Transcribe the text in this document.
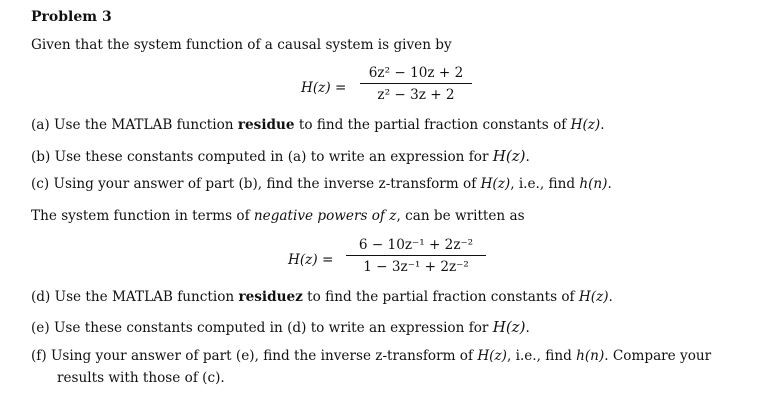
Problem 3
Given that the system function of a causal system is given by
H(z) =
6z² − 10z + 2
z² − 3z + 2
(a) Use the MATLAB function residue to find the partial fraction constants of H(z).
(b) Use these constants computed in (a) to write an expression for H(z).
(c) Using your answer of part (b), find the inverse z-transform of H(z), i.e., find h(n).
The system function in terms of negative powers of z, can be written as
H(z) =
6 − 10z⁻¹ + 2z⁻²
1 − 3z⁻¹ + 2z⁻²
(d) Use the MATLAB function residuez to find the partial fraction constants of H(z).
(e) Use these constants computed in (d) to write an expression for H(z).
(f) Using your answer of part (e), find the inverse z-transform of H(z), i.e., find h(n). Compare your
results with those of (c).
